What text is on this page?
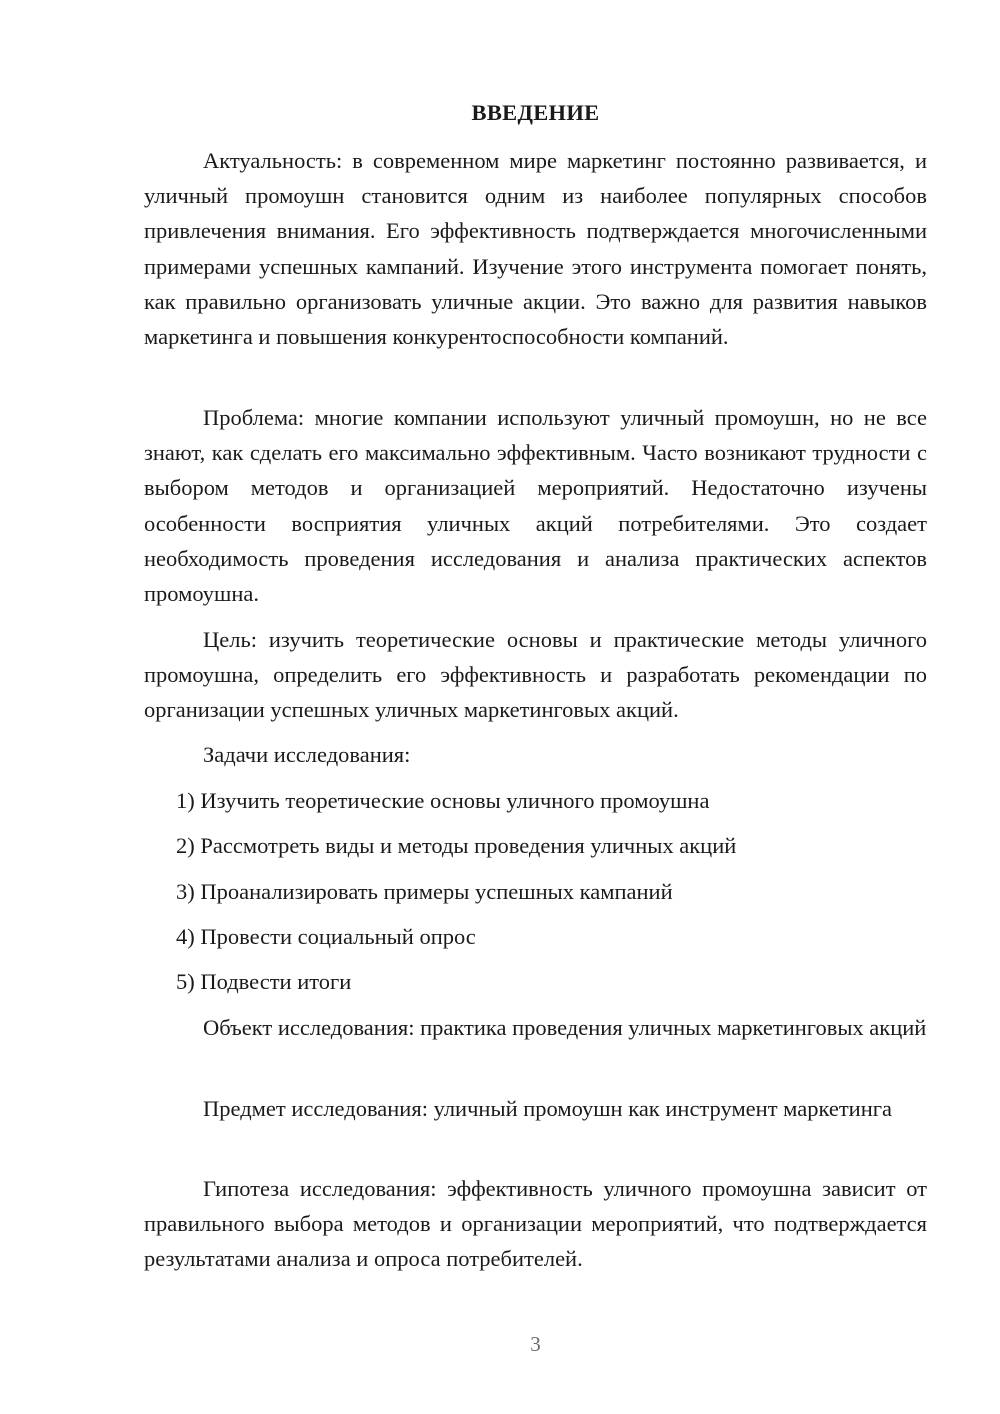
ВВЕДЕНИЕ

Актуальность: в современном мире маркетинг постоянно развивается, и уличный промоушн становится одним из наиболее популярных способов привлечения внимания. Его эффективность подтверждается многочисленными примерами успешных кампаний. Изучение этого инструмента помогает понять, как правильно организовать уличные акции. Это важно для развития навыков маркетинга и повышения конкурентоспособности компаний.

Проблема: многие компании используют уличный промоушн, но не все знают, как сделать его максимально эффективным. Часто возникают трудности с выбором методов и организацией мероприятий. Недостаточно изучены особенности восприятия уличных акций потребителями. Это создает необходимость проведения исследования и анализа практических аспектов промоушна.

Цель: изучить теоретические основы и практические методы уличного промоушна, определить его эффективность и разработать рекомендации по организации успешных уличных маркетинговых акций.

Задачи исследования:

1) Изучить теоретические основы уличного промоушна
2) Рассмотреть виды и методы проведения уличных акций
3) Проанализировать примеры успешных кампаний
4) Провести социальный опрос
5) Подвести итоги

Объект исследования: практика проведения уличных маркетинговых акций

Предмет исследования: уличный промоушн как инструмент маркетинга

Гипотеза исследования: эффективность уличного промоушна зависит от правильного выбора методов и организации мероприятий, что подтверждается результатами анализа и опроса потребителей.

3
